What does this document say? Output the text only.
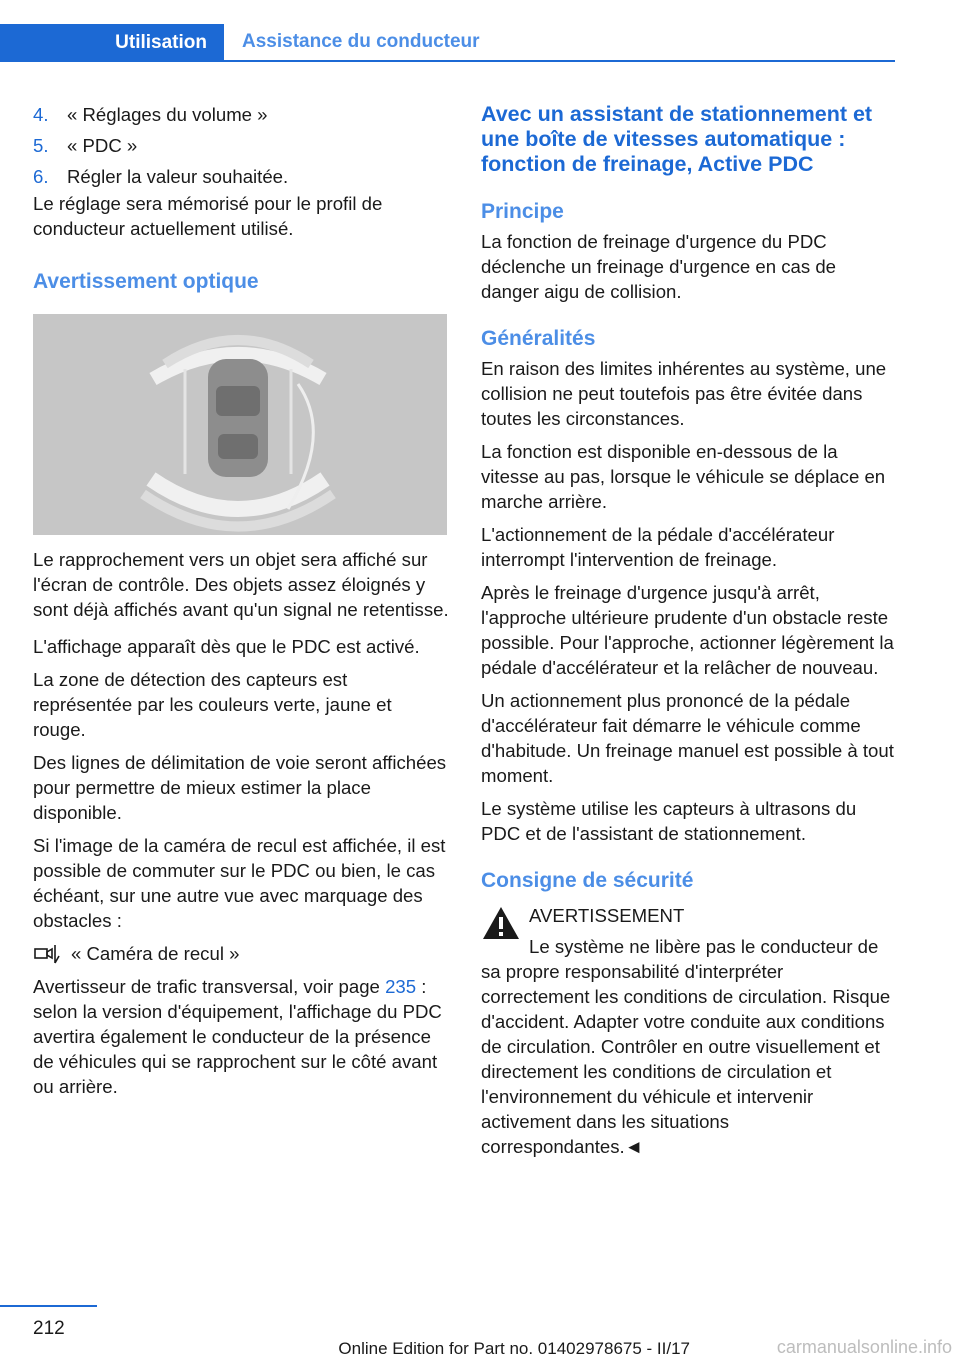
Utilisation Assistance du conducteur
4. « Réglages du volume »
5. « PDC »
6. Régler la valeur souhaitée.

Le réglage sera mémorisé pour le profil de conducteur actuellement utilisé.

Avertissement optique

Le rapprochement vers un objet sera affiché sur l'écran de contrôle. Des objets assez éloignés y sont déjà affichés avant qu'un signal ne retentisse.

L'affichage apparaît dès que le PDC est activé.

La zone de détection des capteurs est représentée par les couleurs verte, jaune et rouge.

Des lignes de délimitation de voie seront affichées pour permettre de mieux estimer la place disponible.

Si l'image de la caméra de recul est affichée, il est possible de commuter sur le PDC ou bien, le cas échéant, sur une autre vue avec marquage des obstacles :

« Caméra de recul »

Avertisseur de trafic transversal, voir page 235 : selon la version d'équipement, l'affichage du PDC avertira également le conducteur de la présence de véhicules qui se rapprochent sur le côté avant ou arrière.

Avec un assistant de stationnement et une boîte de vitesses automatique : fonction de freinage, Active PDC
Principe

La fonction de freinage d'urgence du PDC déclenche un freinage d'urgence en cas de danger aigu de collision.

Généralités

En raison des limites inhérentes au système, une collision ne peut toutefois pas être évitée dans toutes les circonstances.

La fonction est disponible en-dessous de la vitesse au pas, lorsque le véhicule se déplace en marche arrière.

L'actionnement de la pédale d'accélérateur interrompt l'intervention de freinage.

Après le freinage d'urgence jusqu'à arrêt, l'approche ultérieure prudente d'un obstacle reste possible. Pour l'approche, actionner légèrement la pédale d'accélérateur et la relâcher de nouveau.

Un actionnement plus prononcé de la pédale d'accélérateur fait démarre le véhicule comme d'habitude. Un freinage manuel est possible à tout moment.

Le système utilise les capteurs à ultrasons du PDC et de l'assistant de stationnement.

Consigne de sécurité
AVERTISSEMENT

Le système ne libère pas le conducteur de sa propre responsabilité d'interpréter correctement les conditions de circulation. Risque d'accident. Adapter votre conduite aux conditions de circulation. Contrôler en outre visuellement et directement les conditions de circulation et l'environnement du véhicule et intervenir activement dans les situations correspondantes.◄

212
Online Edition for Part no. 01402978675 - II/17	carmanualsonline.info
